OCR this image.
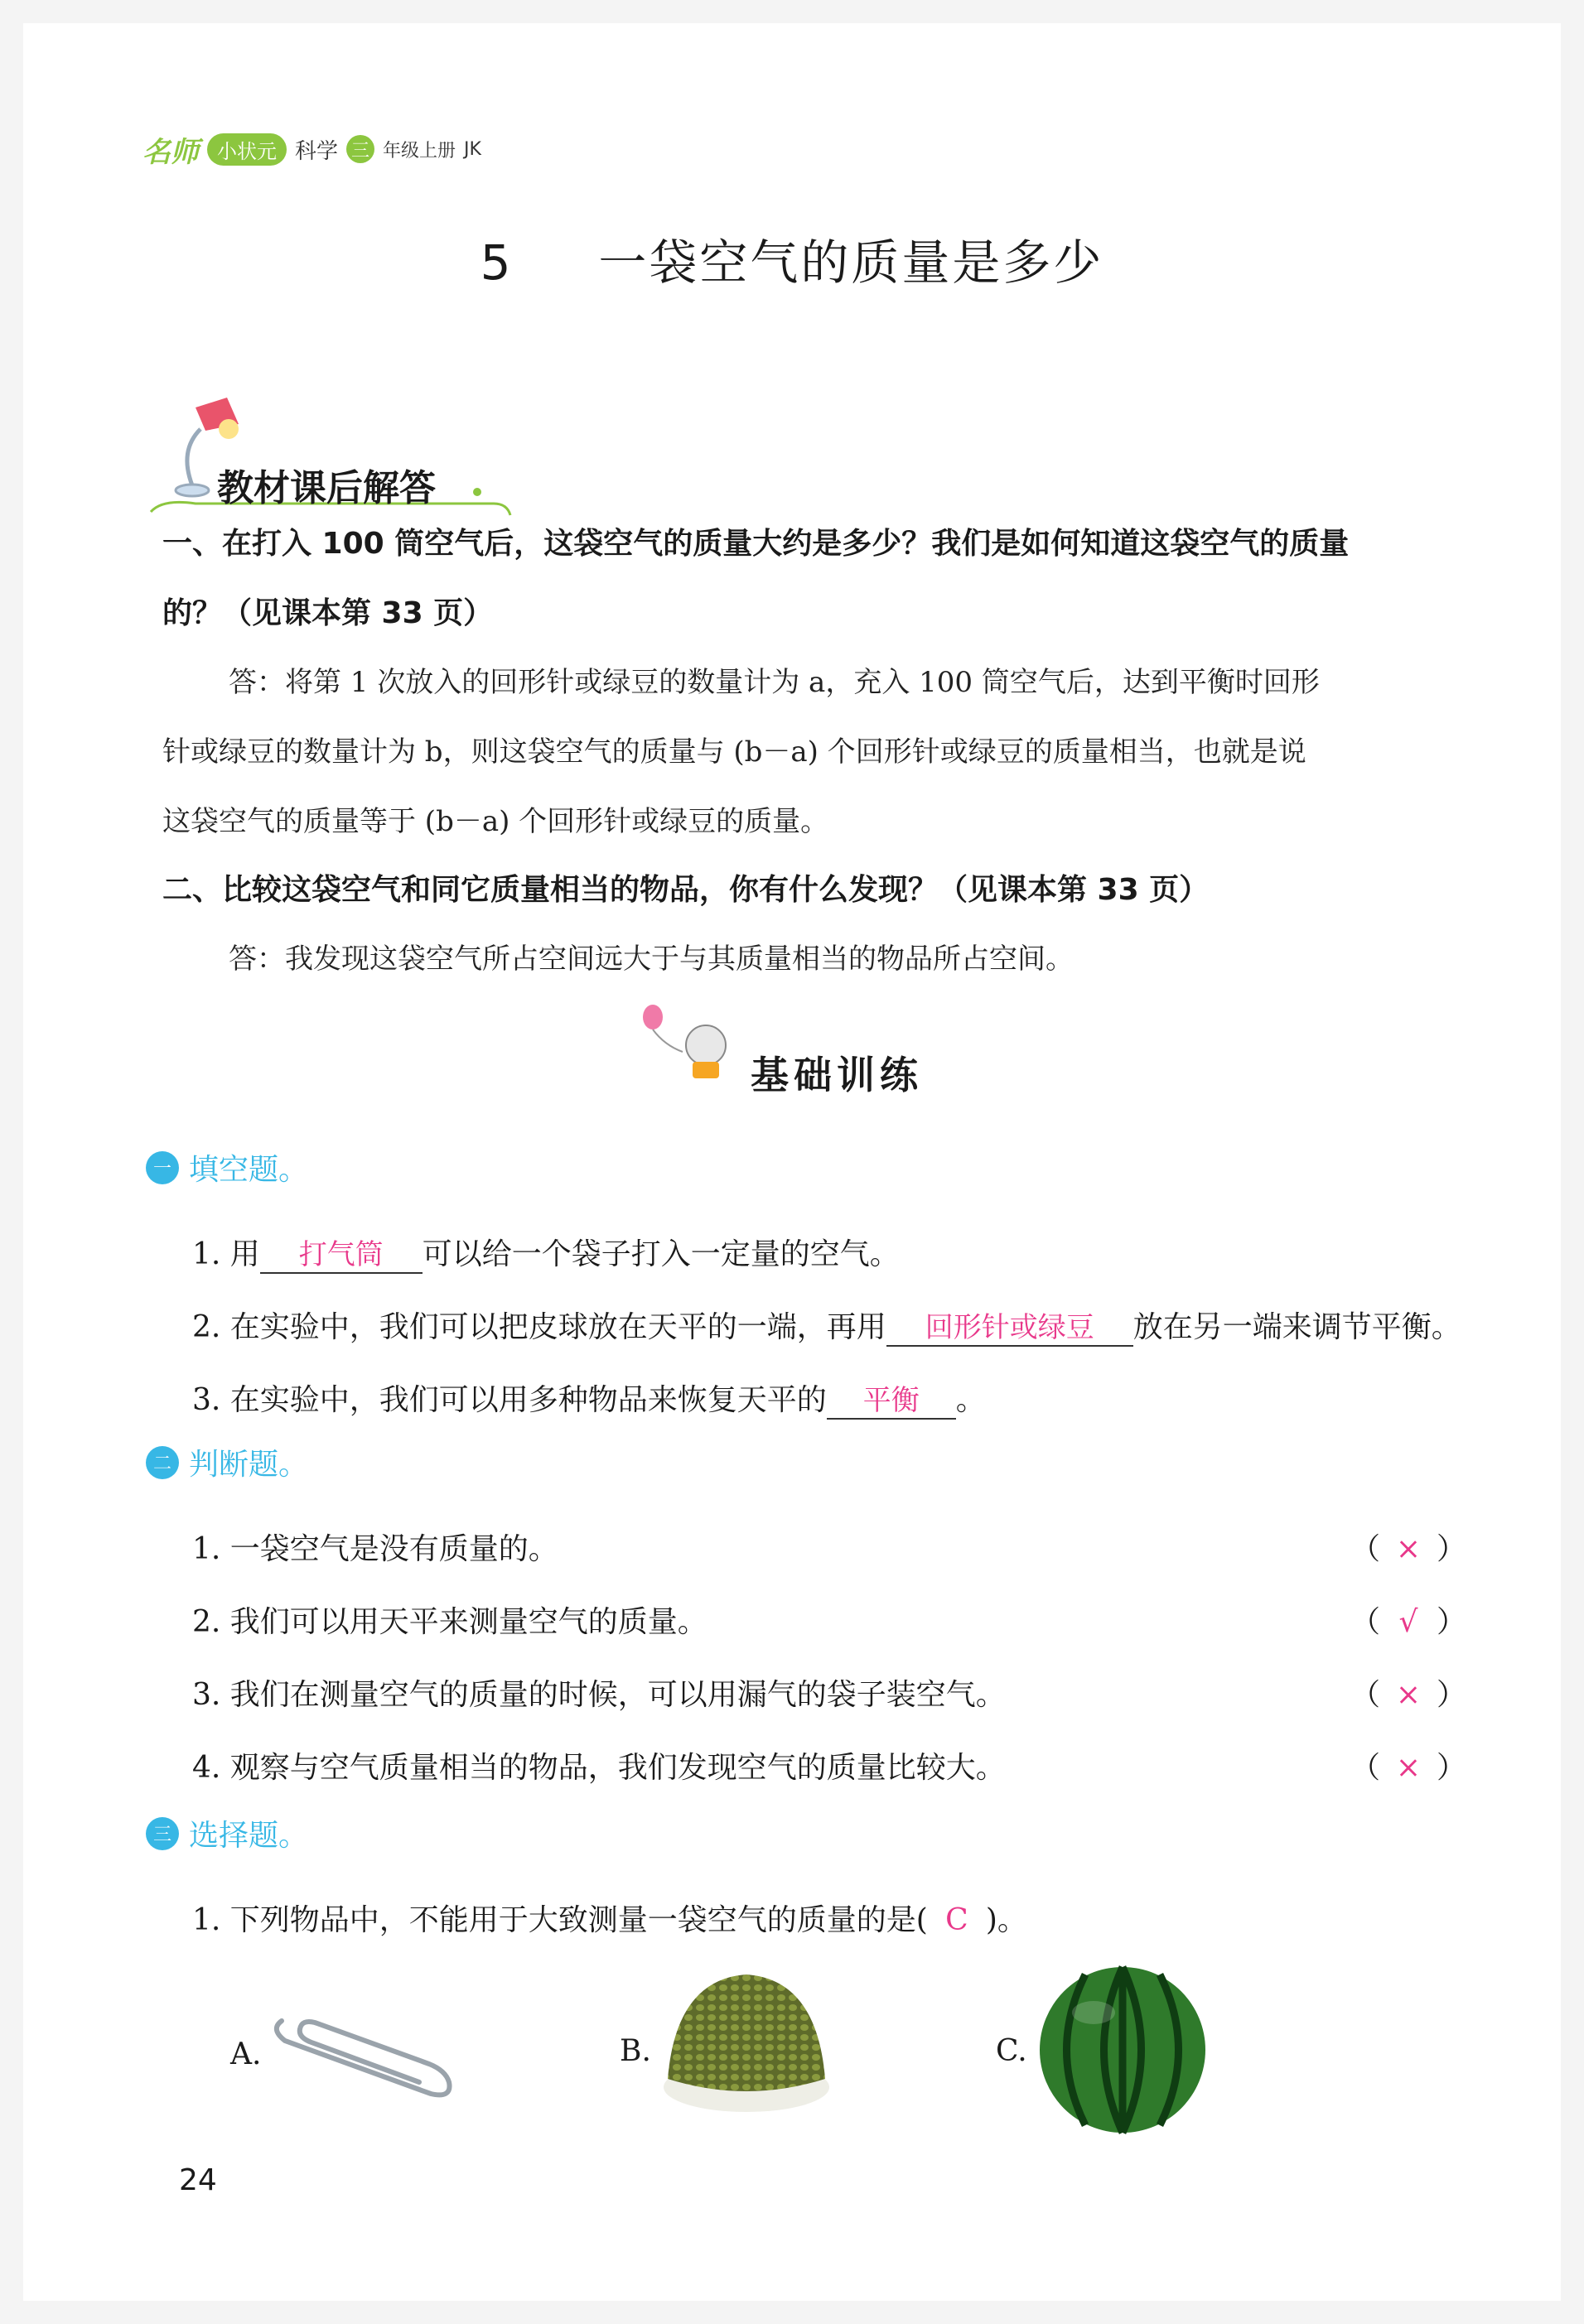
名师 小状元 科学 三 年级上册 JK
5 一袋空气的质量是多少
教材课后解答
一、在打入 100 筒空气后，这袋空气的质量大约是多少？我们是如何知道这袋空气的质量
的？（见课本第 33 页）
答：将第 1 次放入的回形针或绿豆的数量计为 a，充入 100 筒空气后，达到平衡时回形
针或绿豆的数量计为 b，则这袋空气的质量与 (b－a) 个回形针或绿豆的质量相当，也就是说
这袋空气的质量等于 (b－a) 个回形针或绿豆的质量。
二、比较这袋空气和同它质量相当的物品，你有什么发现？（见课本第 33 页）
答：我发现这袋空气所占空间远大于与其质量相当的物品所占空间。
基础训练
一 填空题。
1. 用 打气筒 可以给一个袋子打入一定量的空气。
2. 在实验中，我们可以把皮球放在天平的一端，再用 回形针或绿豆 放在另一端来调节平衡。
3. 在实验中，我们可以用多种物品来恢复天平的 平衡 。
二 判断题。
1. 一袋空气是没有质量的。	（ × ）
2. 我们可以用天平来测量空气的质量。	（ √ ）
3. 我们在测量空气的质量的时候，可以用漏气的袋子装空气。	（ × ）
4. 观察与空气质量相当的物品，我们发现空气的质量比较大。	（ × ）
三 选择题。
1. 下列物品中，不能用于大致测量一袋空气的质量的是( C )。
A.	B.	C.
24
